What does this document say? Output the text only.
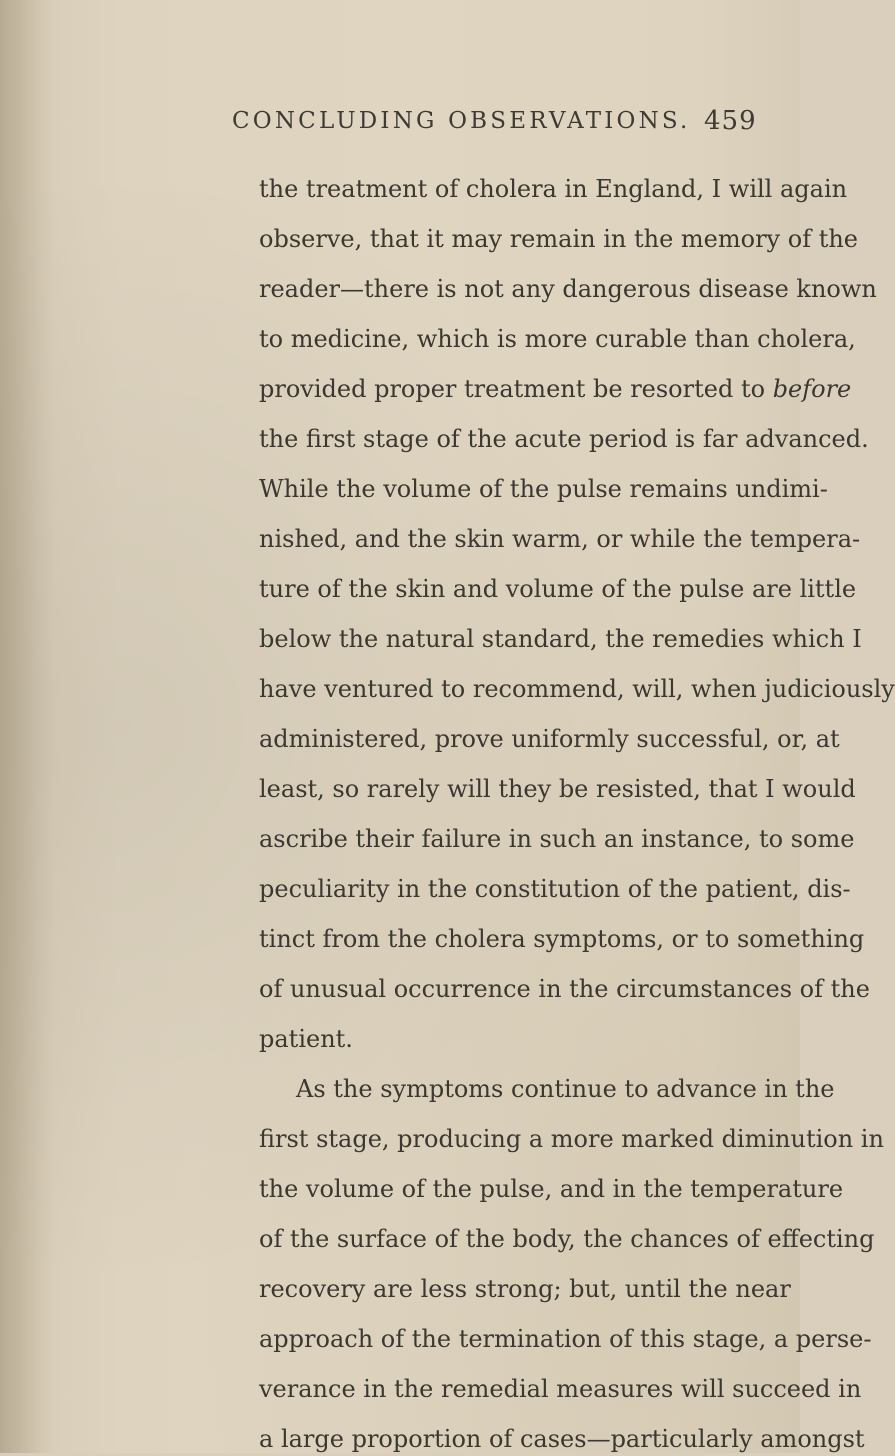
CONCLUDING OBSERVATIONS. 459
the treatment of cholera in England, I will again
observe, that it may remain in the memory of the
reader—there is not any dangerous disease known
to medicine, which is more curable than cholera,
provided proper treatment be resorted to before
the first stage of the acute period is far advanced.
While the volume of the pulse remains undimi-
nished, and the skin warm, or while the tempera-
ture of the skin and volume of the pulse are little
below the natural standard, the remedies which I
have ventured to recommend, will, when judiciously
administered, prove uniformly successful, or, at
least, so rarely will they be resisted, that I would
ascribe their failure in such an instance, to some
peculiarity in the constitution of the patient, dis-
tinct from the cholera symptoms, or to something
of unusual occurrence in the circumstances of the
patient.
As the symptoms continue to advance in the
first stage, producing a more marked diminution in
the volume of the pulse, and in the temperature
of the surface of the body, the chances of effecting
recovery are less strong; but, until the near
approach of the termination of this stage, a perse-
verance in the remedial measures will succeed in
a large proportion of cases—particularly amongst
